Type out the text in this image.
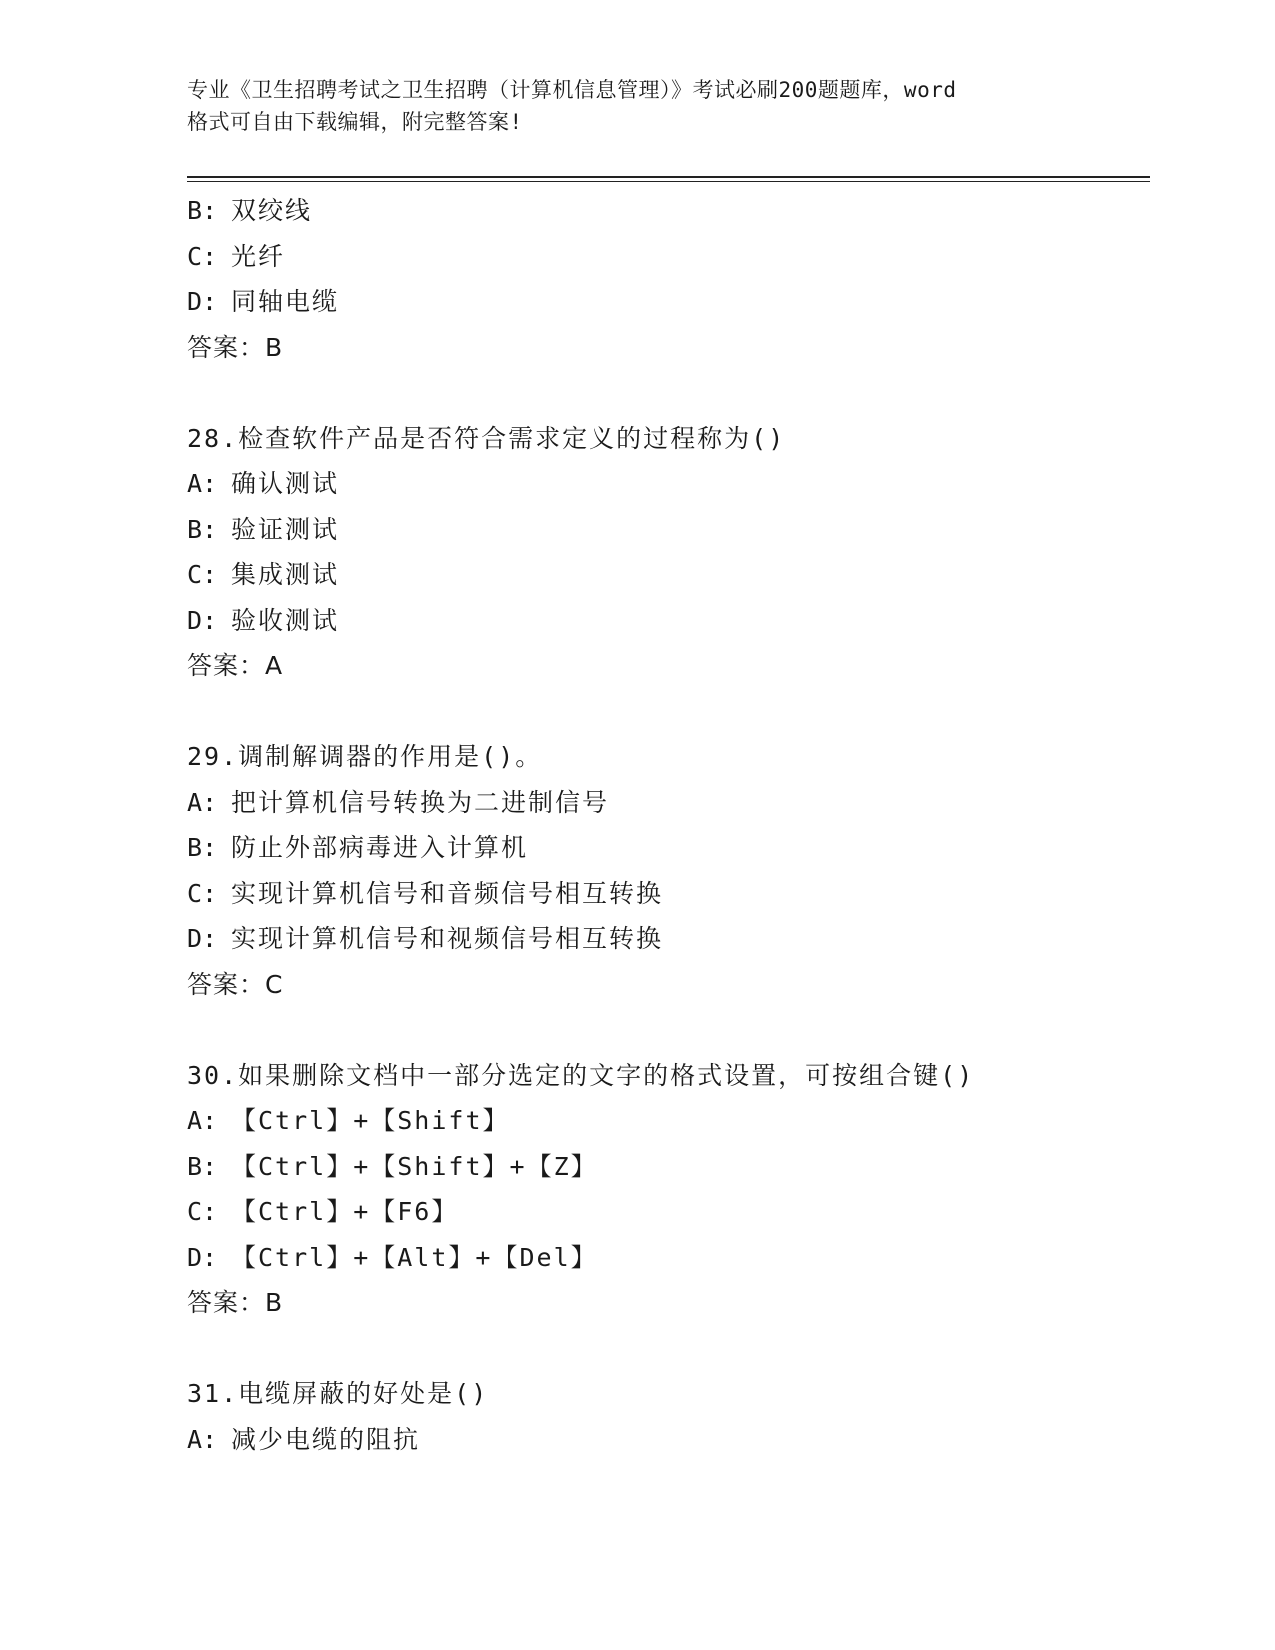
专业《卫生招聘考试之卫生招聘（计算机信息管理）》考试必刷200题题库，word
格式可自由下载编辑，附完整答案!
B: 双绞线
C: 光纤
D: 同轴电缆
答案：B
28.检查软件产品是否符合需求定义的过程称为()
A: 确认测试
B: 验证测试
C: 集成测试
D: 验收测试
答案：A
29.调制解调器的作用是()。
A: 把计算机信号转换为二进制信号
B: 防止外部病毒进入计算机
C: 实现计算机信号和音频信号相互转换
D: 实现计算机信号和视频信号相互转换
答案：C
30.如果删除文档中一部分选定的文字的格式设置，可按组合键()
A: 【Ctrl】+【Shift】
B: 【Ctrl】+【Shift】+【Z】
C: 【Ctrl】+【F6】
D: 【Ctrl】+【Alt】+【Del】
答案：B
31.电缆屏蔽的好处是()
A: 减少电缆的阻抗
